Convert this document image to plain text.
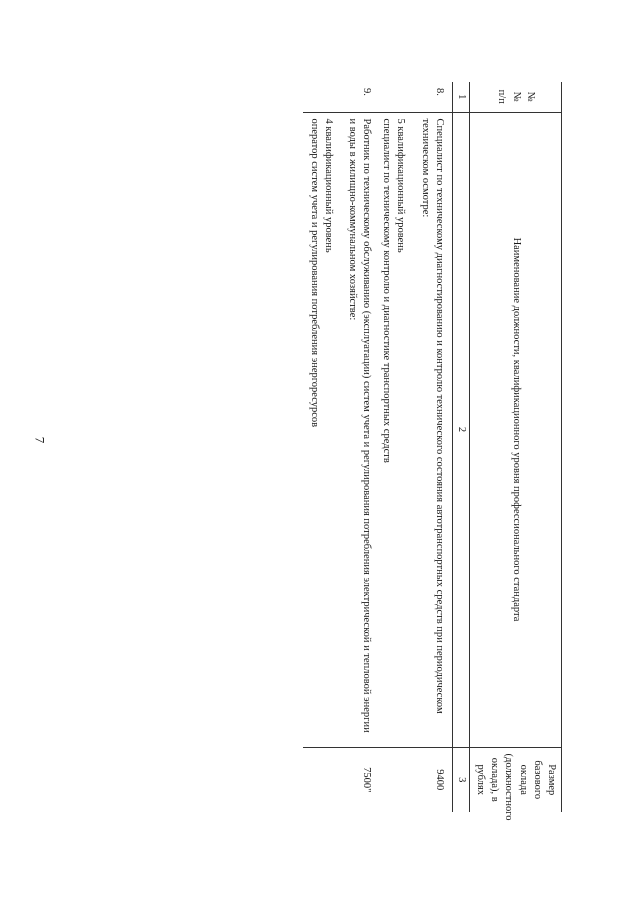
7
№№ п/п	Наименование должности, квалификационного уровня профессионального стандарта	Размер базового оклада (должностного оклада), в рублях
1	2	3
8.	Специалист по техническому диагностированию и контролю технического состояния автотранспортных средств при периодическом техническом осмотре:
5 квалификационный уровень
специалист по техническому контролю и диагностике транспортных средств	9400
9.	Работник по техническому обслуживанию (эксплуатации) систем учета и регулирования потребления электрической и тепловой энергии и воды в жилищно-коммунальном хозяйстве:
4 квалификационный уровень
оператор систем учета и регулирования потребления энергоресурсов	7500"
